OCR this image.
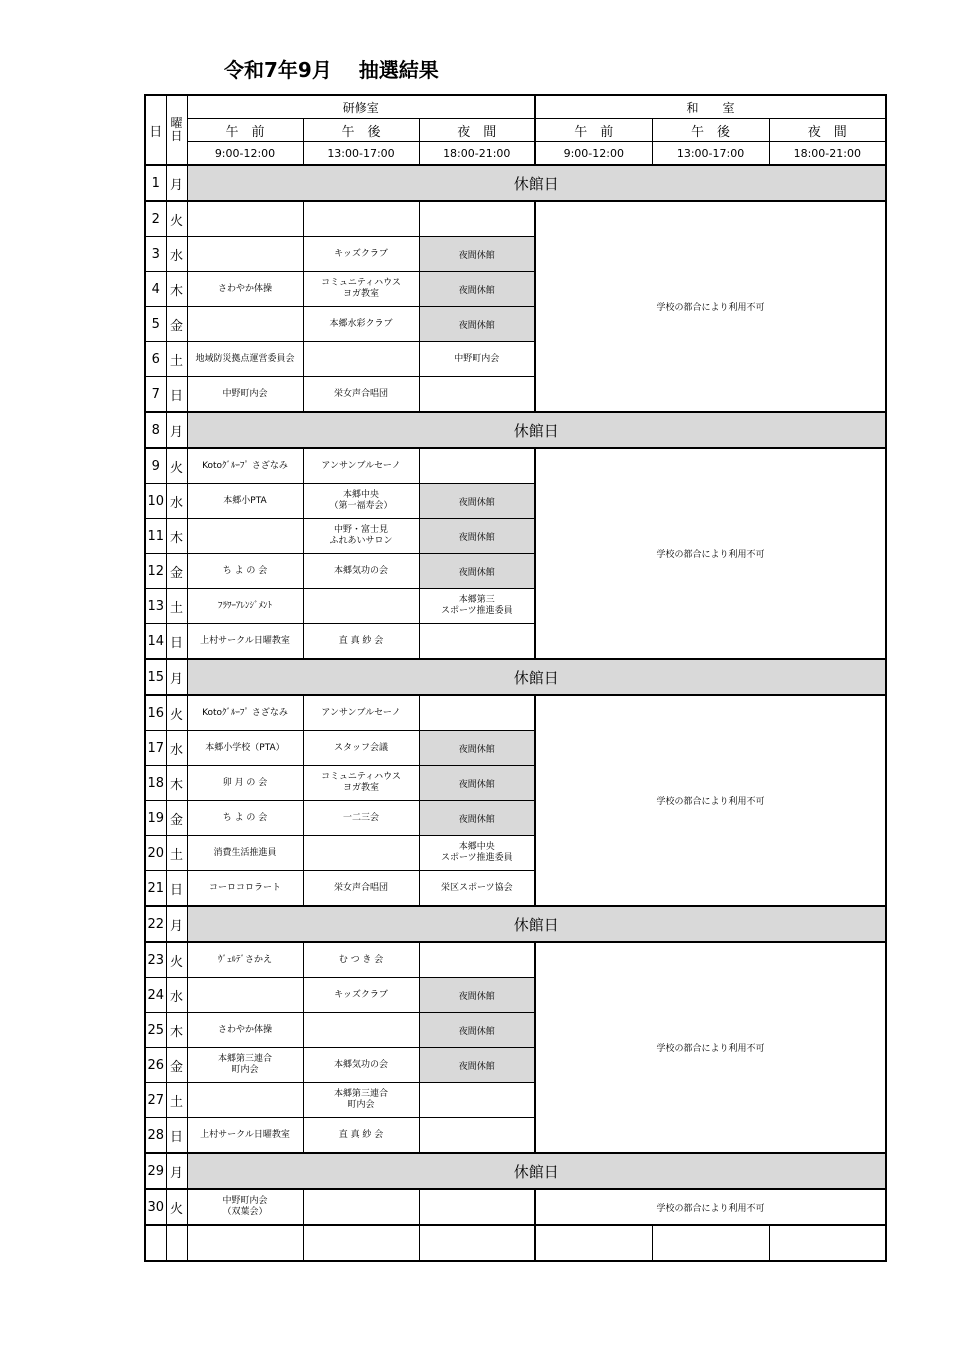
令和7年9月　 抽選結果
日	曜
日	研修室			和　　室		
		午　前	午　後	夜　間	午　前	午　後	夜　間
		9:00-12:00	13:00-17:00	18:00-21:00	9:00-12:00	13:00-17:00	18:00-21:00
1	月	休館日					
2	火				学校の都合により利用不可		
3	水		キッズクラブ	夜間休館			
4	木	さわやか体操	コミュニティハウス
ヨガ教室	夜間休館			
5	金		本郷水彩クラブ	夜間休館			
6	土	地域防災拠点運営委員会		中野町内会			
7	日	中野町内会	栄女声合唱団				
8	月	休館日					
9	火	Kotoｸﾞﾙｰﾌﾟ さざなみ	アンサンブルセーノ		学校の都合により利用不可		
10	水	本郷小PTA	本郷中央
（第一福寿会）	夜間休館			
11	木		中野・富士見
ふれあいサロン	夜間休館			
12	金	ち よ の 会	本郷気功の会	夜間休館			
13	土	ﾌﾗﾜｰｱﾚﾝｼﾞﾒﾝﾄ		本郷第三
スポーツ推進委員			
14	日	上村サークル日曜教室	直 真 紗 会				
15	月	休館日					
16	火	Kotoｸﾞﾙｰﾌﾟ さざなみ	アンサンブルセーノ		学校の都合により利用不可		
17	水	本郷小学校（PTA）	スタッフ会議	夜間休館			
18	木	卯 月 の 会	コミュニティハウス
ヨガ教室	夜間休館			
19	金	ち よ の 会	一二三会	夜間休館			
20	土	消費生活推進員		本郷中央
スポーツ推進委員			
21	日	コーロコロラート	栄女声合唱団	栄区スポーツ協会			
22	月	休館日					
23	火	ｳﾞｪﾙﾃﾞさかえ	む つ き 会		学校の都合により利用不可		
24	水		キッズクラブ	夜間休館			
25	木	さわやか体操		夜間休館			
26	金	本郷第三連合
町内会	本郷気功の会	夜間休館			
27	土		本郷第三連合
町内会				
28	日	上村サークル日曜教室	直 真 紗 会				
29	月	休館日					
30	火	中野町内会
（双葉会）			学校の都合により利用不可		
